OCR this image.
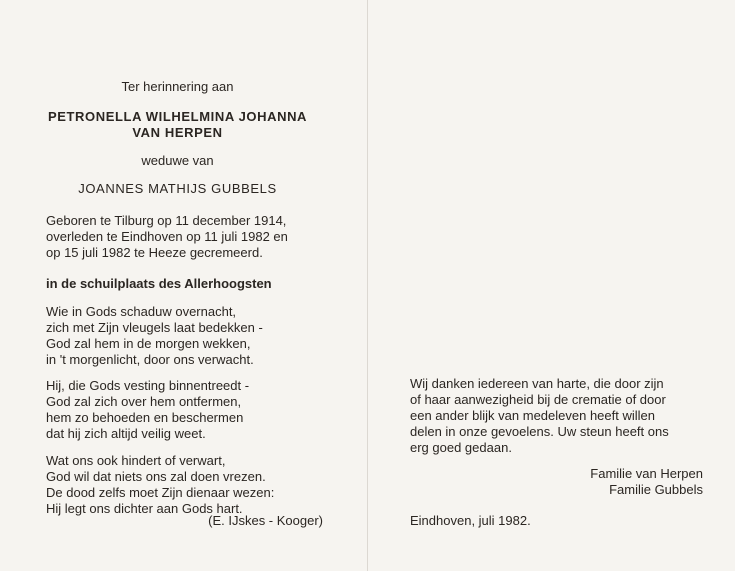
Ter herinnering aan
PETRONELLA WILHELMINA JOHANNA
VAN HERPEN
weduwe van
JOANNES MATHIJS GUBBELS
Geboren te Tilburg op 11 december 1914,
overleden te Eindhoven op 11 juli 1982 en
op 15 juli 1982 te Heeze gecremeerd.
in de schuilplaats des Allerhoogsten
Wie in Gods schaduw overnacht,
zich met Zijn vleugels laat bedekken -
God zal hem in de morgen wekken,
in 't morgenlicht, door ons verwacht.
Hij, die Gods vesting binnentreedt -
God zal zich over hem ontfermen,
hem zo behoeden en beschermen
dat hij zich altijd veilig weet.
Wat ons ook hindert of verwart,
God wil dat niets ons zal doen vrezen.
De dood zelfs moet Zijn dienaar wezen:
Hij legt ons dichter aan Gods hart.
(E. IJskes - Kooger)
Wij danken iedereen van harte, die door zijn
of haar aanwezigheid bij de crematie of door
een ander blijk van medeleven heeft willen
delen in onze gevoelens. Uw steun heeft ons
erg goed gedaan.
Familie van Herpen
Familie Gubbels
Eindhoven, juli 1982.
